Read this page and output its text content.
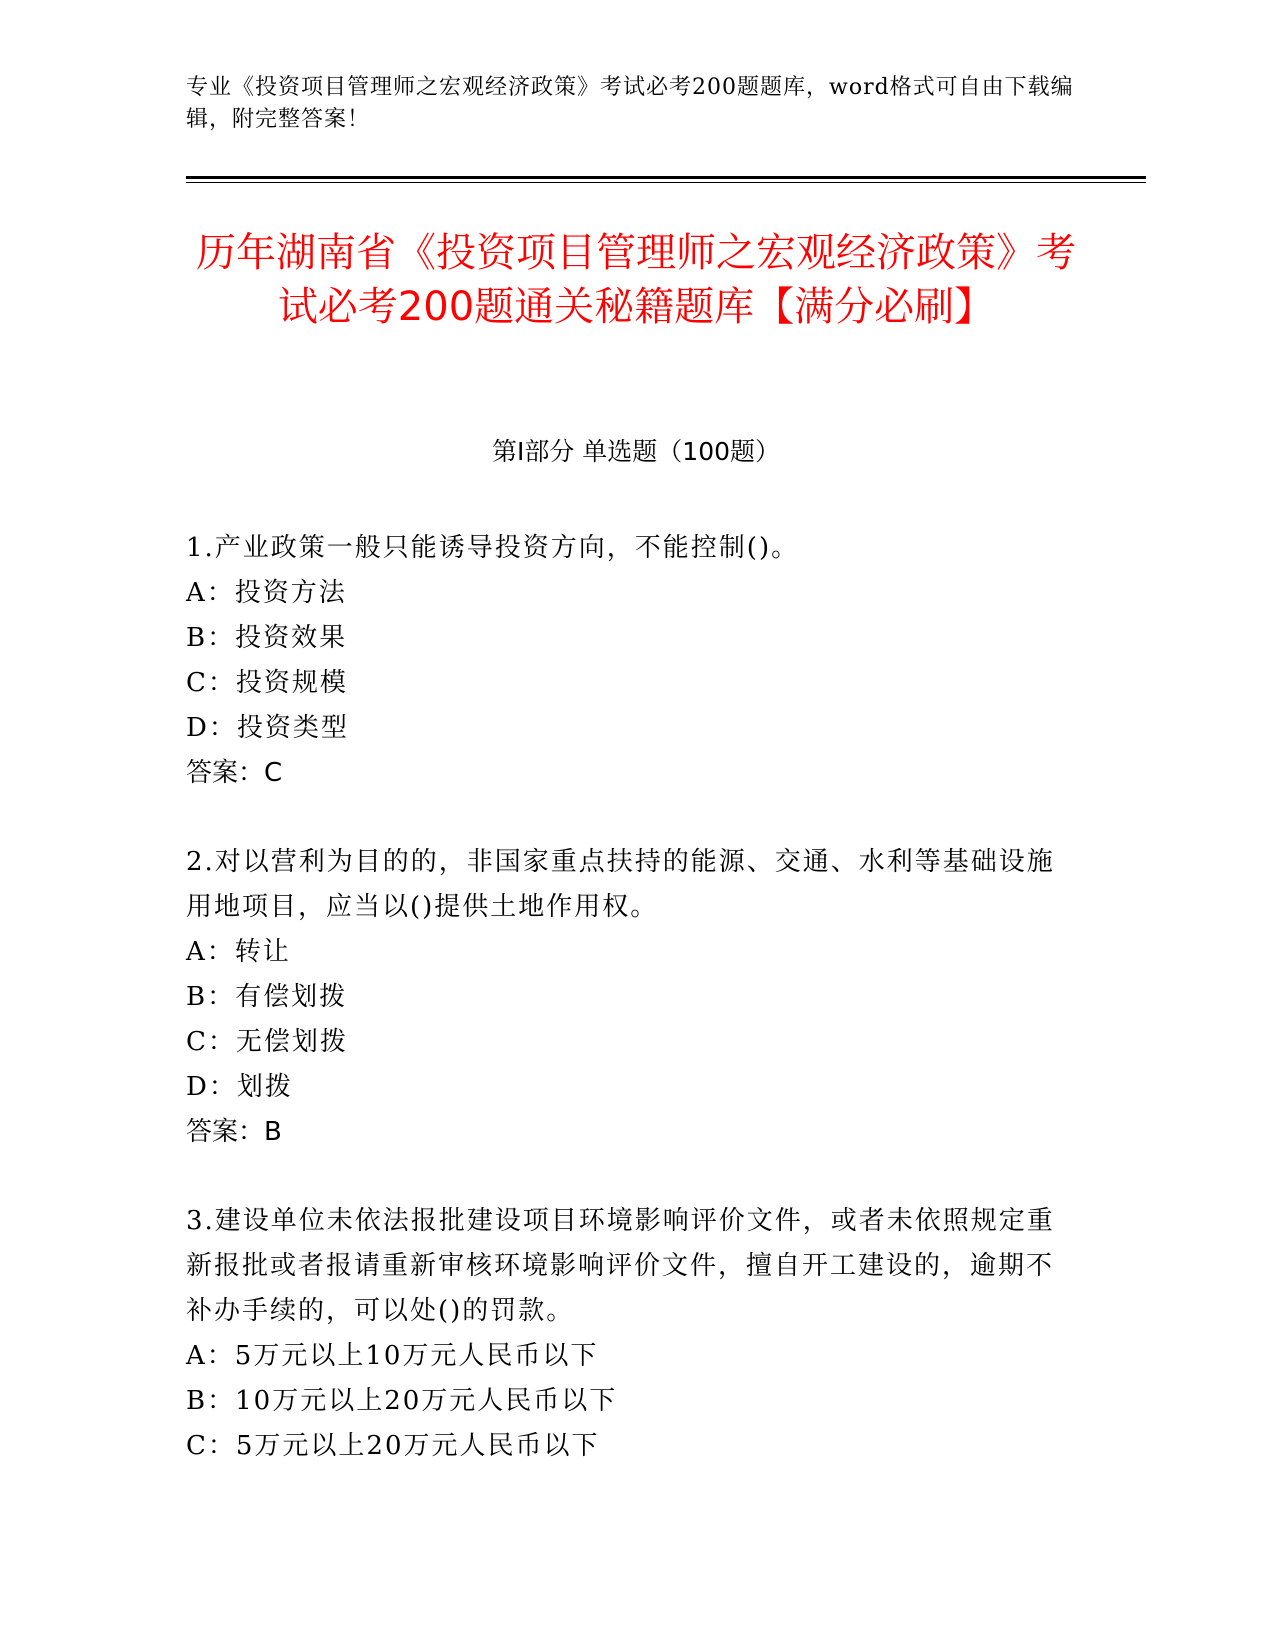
专业《投资项目管理师之宏观经济政策》考试必考200题题库，word格式可自由下载编辑，附完整答案！
历年湖南省《投资项目管理师之宏观经济政策》考试必考200题通关秘籍题库【满分必刷】
第I部分 单选题（100题）
1.产业政策一般只能诱导投资方向，不能控制()。
A：投资方法
B：投资效果
C：投资规模
D：投资类型
答案：C
2.对以营利为目的的，非国家重点扶持的能源、交通、水利等基础设施用地项目，应当以()提供土地作用权。
A：转让
B：有偿划拨
C：无偿划拨
D：划拨
答案：B
3.建设单位未依法报批建设项目环境影响评价文件，或者未依照规定重新报批或者报请重新审核环境影响评价文件，擅自开工建设的，逾期不补办手续的，可以处()的罚款。
A：5万元以上10万元人民币以下
B：10万元以上20万元人民币以下
C：5万元以上20万元人民币以下
